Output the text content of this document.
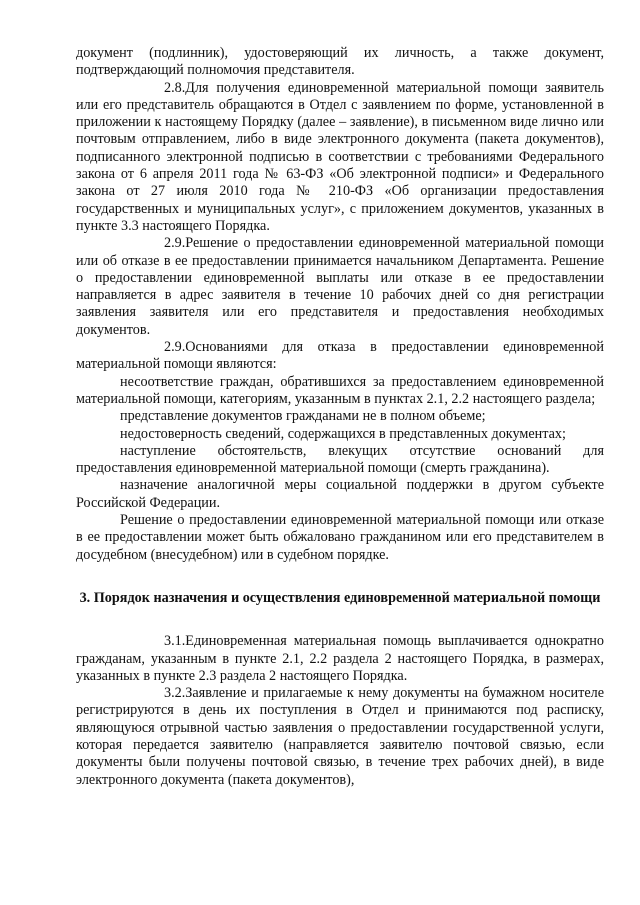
документ (подлинник), удостоверяющий их личность, а также документ, подтверждающий полномочия представителя.

2.8.Для получения единовременной материальной помощи заявитель или его представитель обращаются в Отдел с заявлением по форме, установленной в приложении к настоящему Порядку (далее – заявление), в письменном виде лично или почтовым отправлением, либо в виде электронного документа (пакета документов), подписанного электронной подписью в соответствии с требованиями Федерального закона от 6 апреля 2011 года № 63-ФЗ «Об электронной подписи» и Федерального закона от 27 июля 2010 года № 210-ФЗ «Об организации предоставления государственных и муниципальных услуг», с приложением документов, указанных в пункте 3.3 настоящего Порядка.

2.9.Решение о предоставлении единовременной материальной помощи или об отказе в ее предоставлении принимается начальником Департамента. Решение о предоставлении единовременной выплаты или отказе в ее предоставлении направляется в адрес заявителя в течение 10 рабочих дней со дня регистрации заявления заявителя или его представителя и предоставления необходимых документов.

2.9.Основаниями для отказа в предоставлении единовременной материальной помощи являются:

несоответствие граждан, обратившихся за предоставлением единовременной материальной помощи, категориям, указанным в пунктах 2.1, 2.2 настоящего раздела;

представление документов гражданами не в полном объеме;

недостоверность сведений, содержащихся в представленных документах;

наступление обстоятельств, влекущих отсутствие оснований для предоставления единовременной материальной помощи (смерть гражданина).

назначение аналогичной меры социальной поддержки в другом субъекте Российской Федерации.

Решение о предоставлении единовременной материальной помощи или отказе в ее предоставлении может быть обжаловано гражданином или его представителем в досудебном (внесудебном) или в судебном порядке.

3. Порядок назначения и осуществления единовременной материальной помощи

3.1.Единовременная материальная помощь выплачивается однократно гражданам, указанным в пункте 2.1, 2.2 раздела 2 настоящего Порядка, в размерах, указанных в пункте 2.3 раздела 2 настоящего Порядка.

3.2.Заявление и прилагаемые к нему документы на бумажном носителе регистрируются в день их поступления в Отдел и принимаются под расписку, являющуюся отрывной частью заявления о предоставлении государственной услуги, которая передается заявителю (направляется заявителю почтовой связью, если документы были получены почтовой связью, в течение трех рабочих дней), в виде электронного документа (пакета документов),
